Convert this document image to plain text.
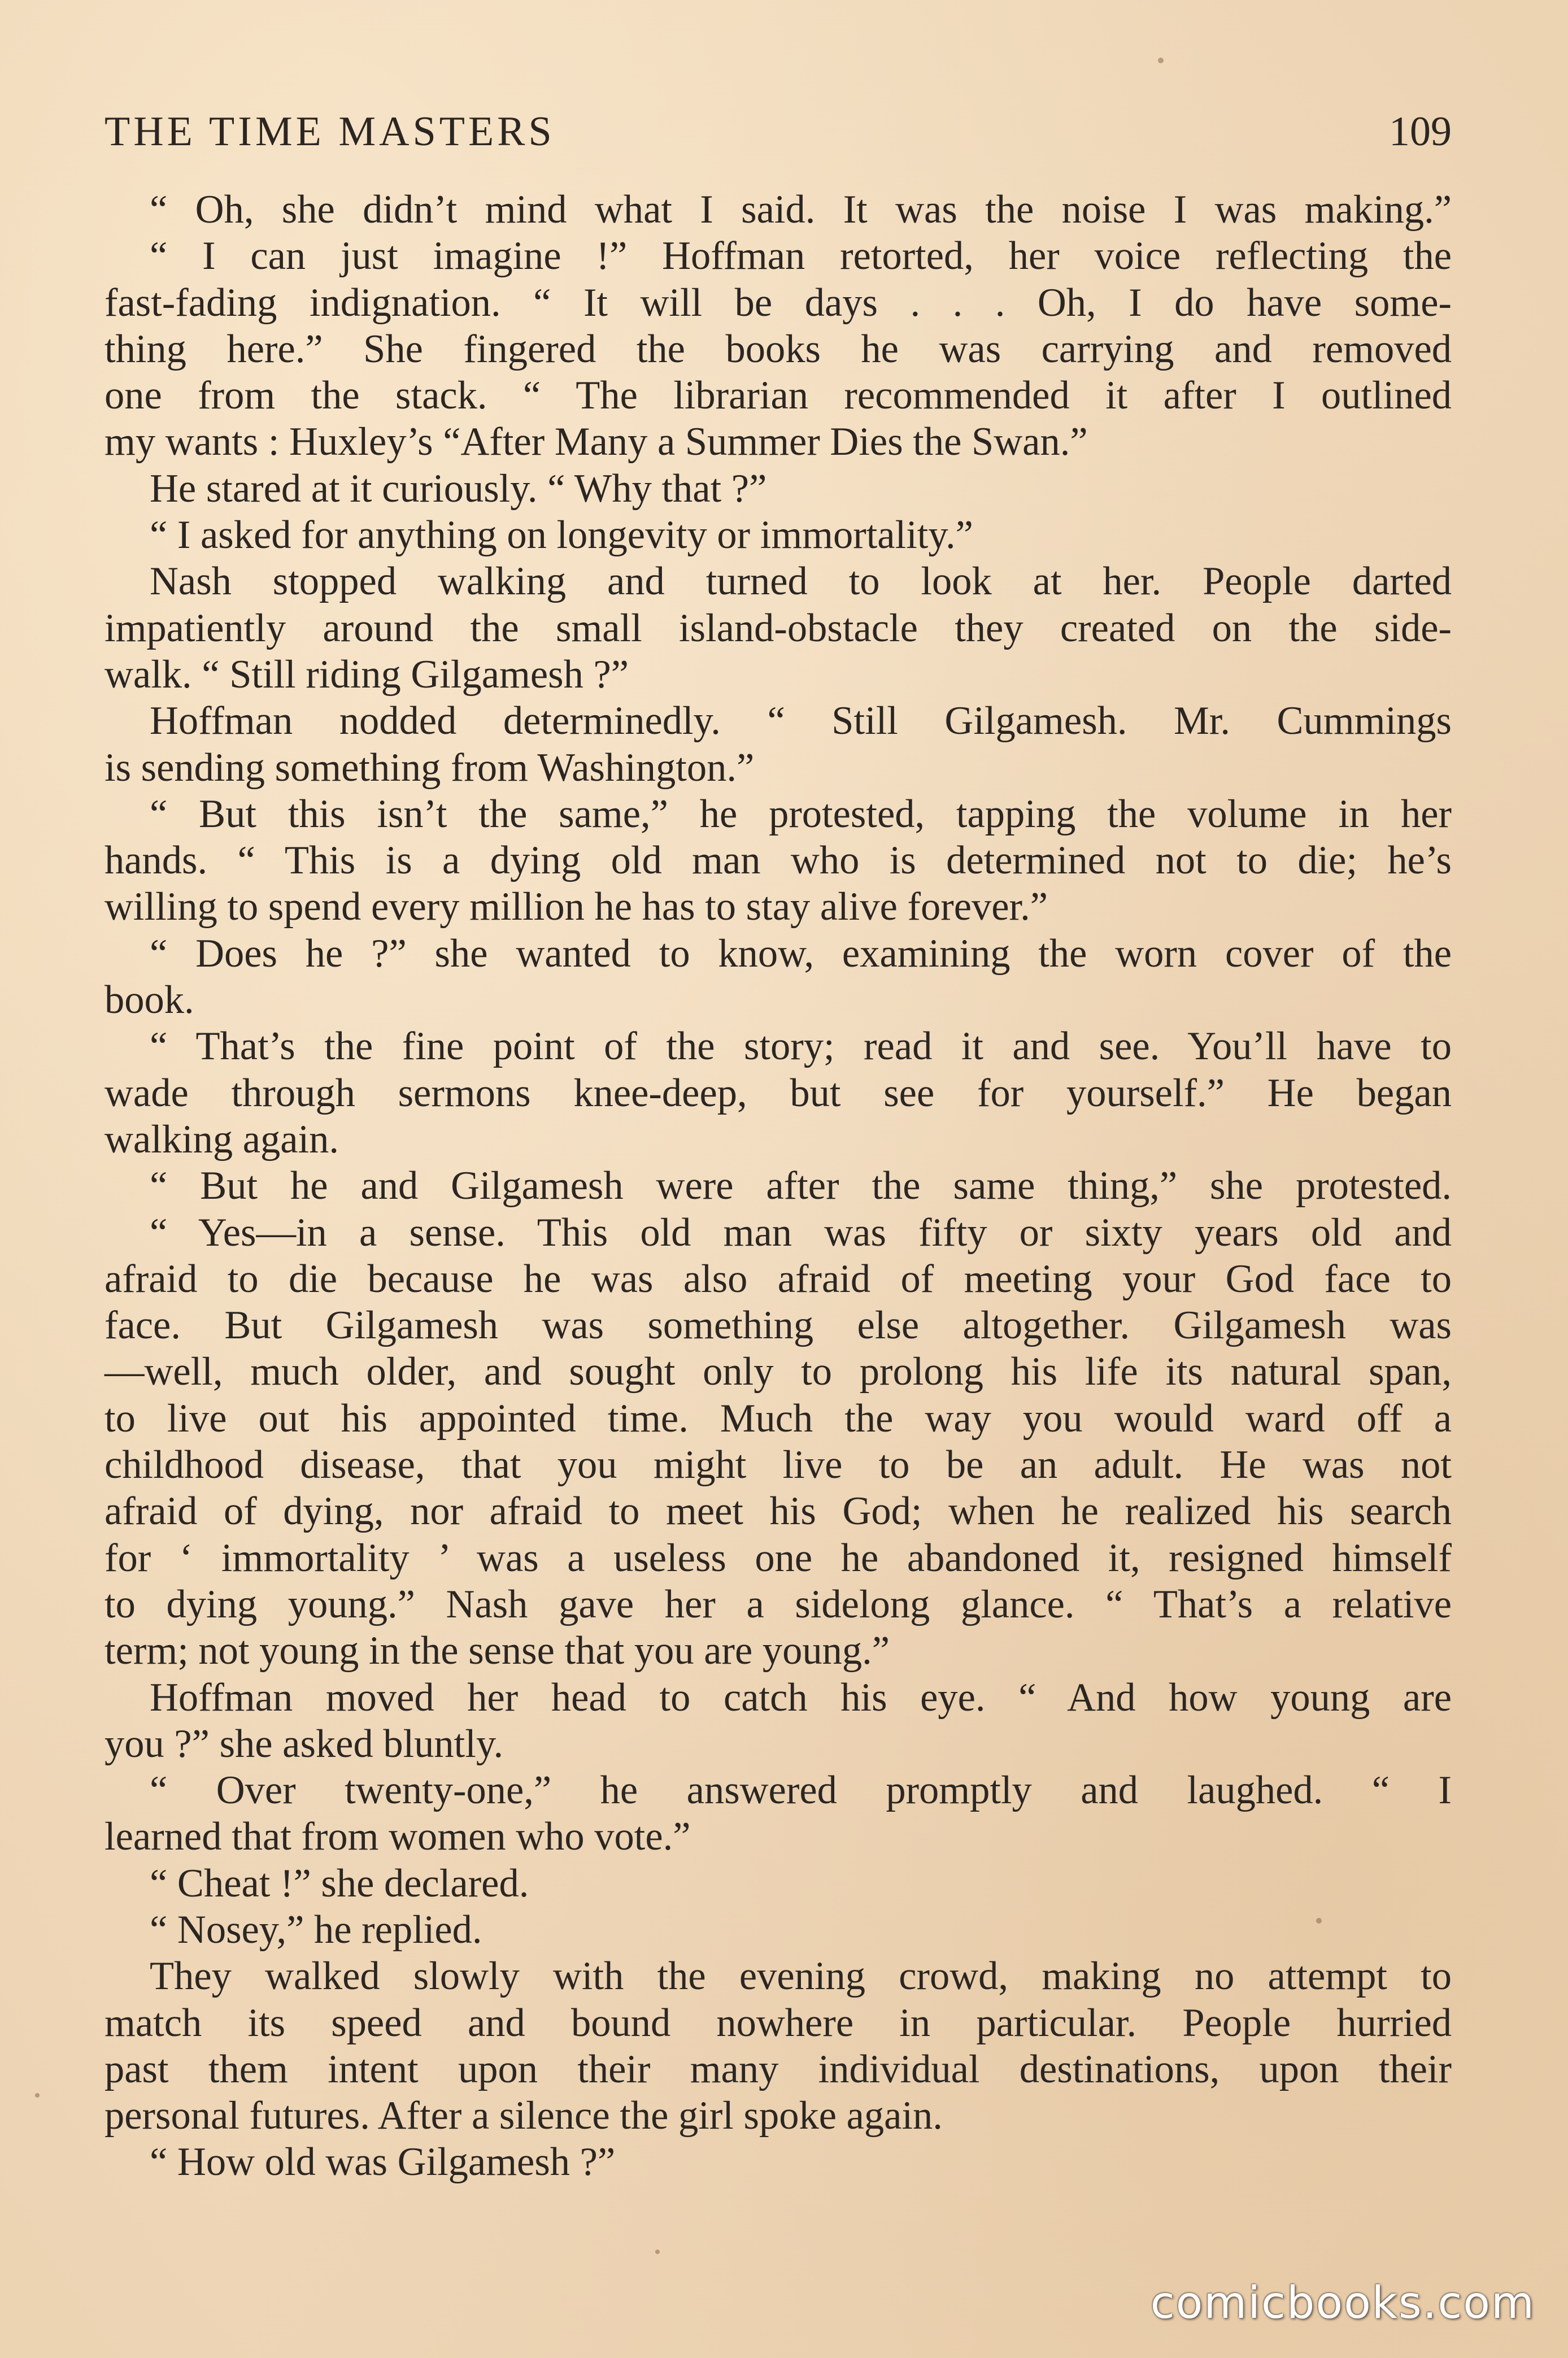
THE TIME MASTERS	109
“ Oh, she didn’t mind what I said. It was the noise I was making.”
“ I can just imagine !” Hoffman retorted, her voice reflecting the
fast-fading indignation. “ It will be days . . . Oh, I do have some-
thing here.” She fingered the books he was carrying and removed
one from the stack. “ The librarian recommended it after I outlined
my wants : Huxley’s “After Many a Summer Dies the Swan.”
He stared at it curiously. “ Why that ?”
“ I asked for anything on longevity or immortality.”
Nash stopped walking and turned to look at her. People darted
impatiently around the small island-obstacle they created on the side-
walk. “ Still riding Gilgamesh ?”
Hoffman nodded determinedly. “ Still Gilgamesh. Mr. Cummings
is sending something from Washington.”
“ But this isn’t the same,” he protested, tapping the volume in her
hands. “ This is a dying old man who is determined not to die; he’s
willing to spend every million he has to stay alive forever.”
“ Does he ?” she wanted to know, examining the worn cover of the
book.
“ That’s the fine point of the story; read it and see. You’ll have to
wade through sermons knee-deep, but see for yourself.” He began
walking again.
“ But he and Gilgamesh were after the same thing,” she protested.
“ Yes—in a sense. This old man was fifty or sixty years old and
afraid to die because he was also afraid of meeting your God face to
face. But Gilgamesh was something else altogether. Gilgamesh was
—well, much older, and sought only to prolong his life its natural span,
to live out his appointed time. Much the way you would ward off a
childhood disease, that you might live to be an adult. He was not
afraid of dying, nor afraid to meet his God; when he realized his search
for ‘ immortality ’ was a useless one he abandoned it, resigned himself
to dying young.” Nash gave her a sidelong glance. “ That’s a relative
term; not young in the sense that you are young.”
Hoffman moved her head to catch his eye. “ And how young are
you ?” she asked bluntly.
“ Over twenty-one,” he answered promptly and laughed. “ I
learned that from women who vote.”
“ Cheat !” she declared.
“ Nosey,” he replied.
They walked slowly with the evening crowd, making no attempt to
match its speed and bound nowhere in particular. People hurried
past them intent upon their many individual destinations, upon their
personal futures. After a silence the girl spoke again.
“ How old was Gilgamesh ?”
comicbooks.com
